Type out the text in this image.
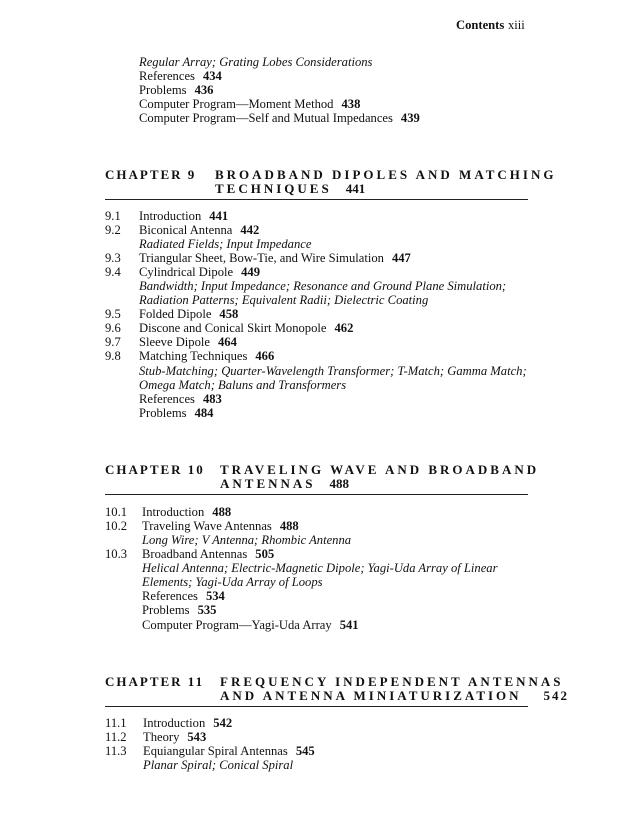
Contents xiii
Regular Array; Grating Lobes Considerations
References 434
Problems 436
Computer Program—Moment Method 438
Computer Program—Self and Mutual Impedances 439
CHAPTER 9 BROADBAND DIPOLES AND MATCHING
TECHNIQUES 441
9.1 Introduction 441
9.2 Biconical Antenna 442
Radiated Fields; Input Impedance
9.3 Triangular Sheet, Bow-Tie, and Wire Simulation 447
9.4 Cylindrical Dipole 449
Bandwidth; Input Impedance; Resonance and Ground Plane Simulation;
Radiation Patterns; Equivalent Radii; Dielectric Coating
9.5 Folded Dipole 458
9.6 Discone and Conical Skirt Monopole 462
9.7 Sleeve Dipole 464
9.8 Matching Techniques 466
Stub-Matching; Quarter-Wavelength Transformer; T-Match; Gamma Match;
Omega Match; Baluns and Transformers
References 483
Problems 484
CHAPTER 10 TRAVELING WAVE AND BROADBAND
ANTENNAS 488
10.1 Introduction 488
10.2 Traveling Wave Antennas 488
Long Wire; V Antenna; Rhombic Antenna
10.3 Broadband Antennas 505
Helical Antenna; Electric-Magnetic Dipole; Yagi-Uda Array of Linear
Elements; Yagi-Uda Array of Loops
References 534
Problems 535
Computer Program—Yagi-Uda Array 541
CHAPTER 11 FREQUENCY INDEPENDENT ANTENNAS
AND ANTENNA MINIATURIZATION 542
11.1 Introduction 542
11.2 Theory 543
11.3 Equiangular Spiral Antennas 545
Planar Spiral; Conical Spiral
